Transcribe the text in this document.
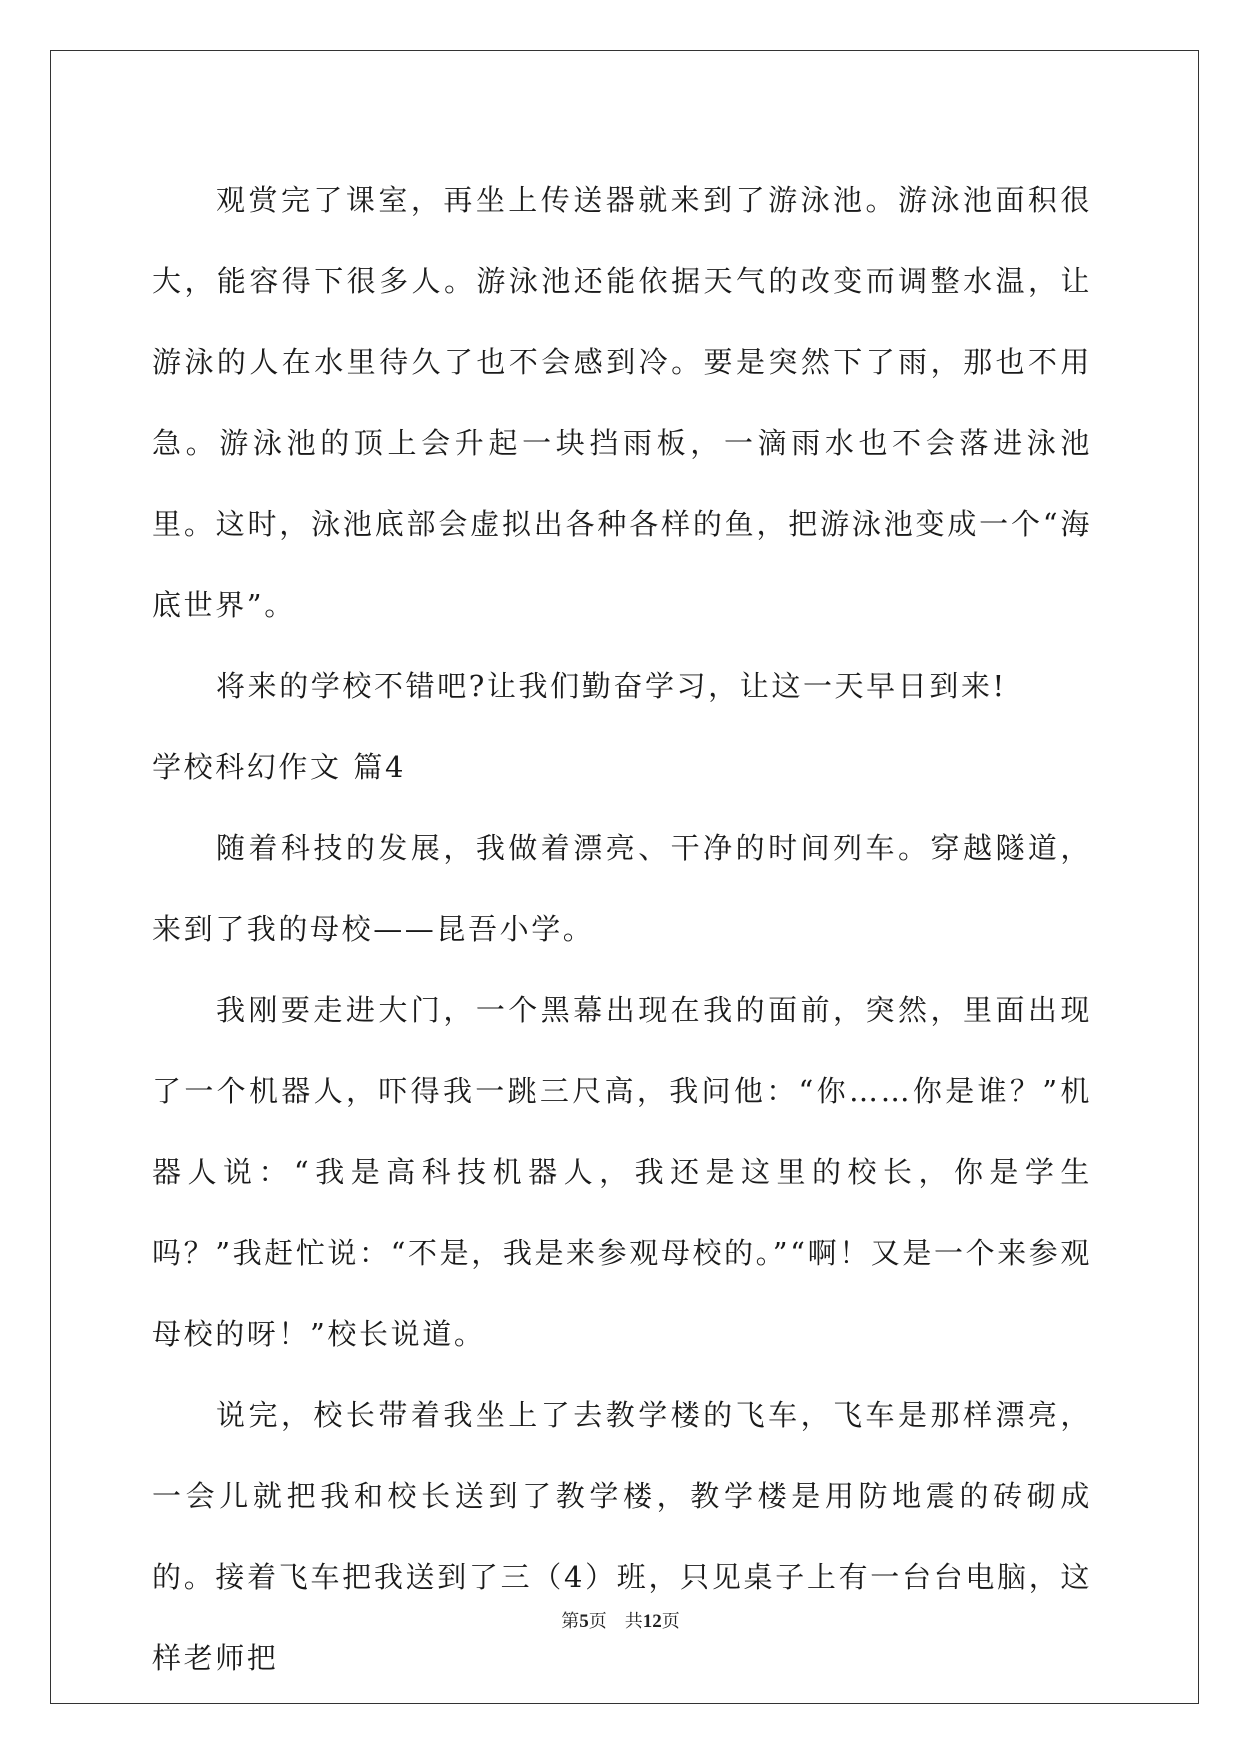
观赏完了课室，再坐上传送器就来到了游泳池。游泳池面积很大，能容得下很多人。游泳池还能依据天气的改变而调整水温，让游泳的人在水里待久了也不会感到冷。要是突然下了雨，那也不用急。游泳池的顶上会升起一块挡雨板，一滴雨水也不会落进泳池里。这时，泳池底部会虚拟出各种各样的鱼，把游泳池变成一个“海底世界”。

将来的学校不错吧?让我们勤奋学习，让这一天早日到来!

学校科幻作文 篇4

随着科技的发展，我做着漂亮、干净的时间列车。穿越隧道，来到了我的母校——昆吾小学。

我刚要走进大门，一个黑幕出现在我的面前，突然，里面出现了一个机器人，吓得我一跳三尺高，我问他：“你……你是谁？”机器人说：“我是高科技机器人，我还是这里的校长，你是学生吗？”我赶忙说：“不是，我是来参观母校的。”“啊！又是一个来参观母校的呀！”校长说道。

说完，校长带着我坐上了去教学楼的飞车，飞车是那样漂亮，一会儿就把我和校长送到了教学楼，教学楼是用防地震的砖砌成的。接着飞车把我送到了三（4）班，只见桌子上有一台台电脑，这样老师把

第5页 共12页
